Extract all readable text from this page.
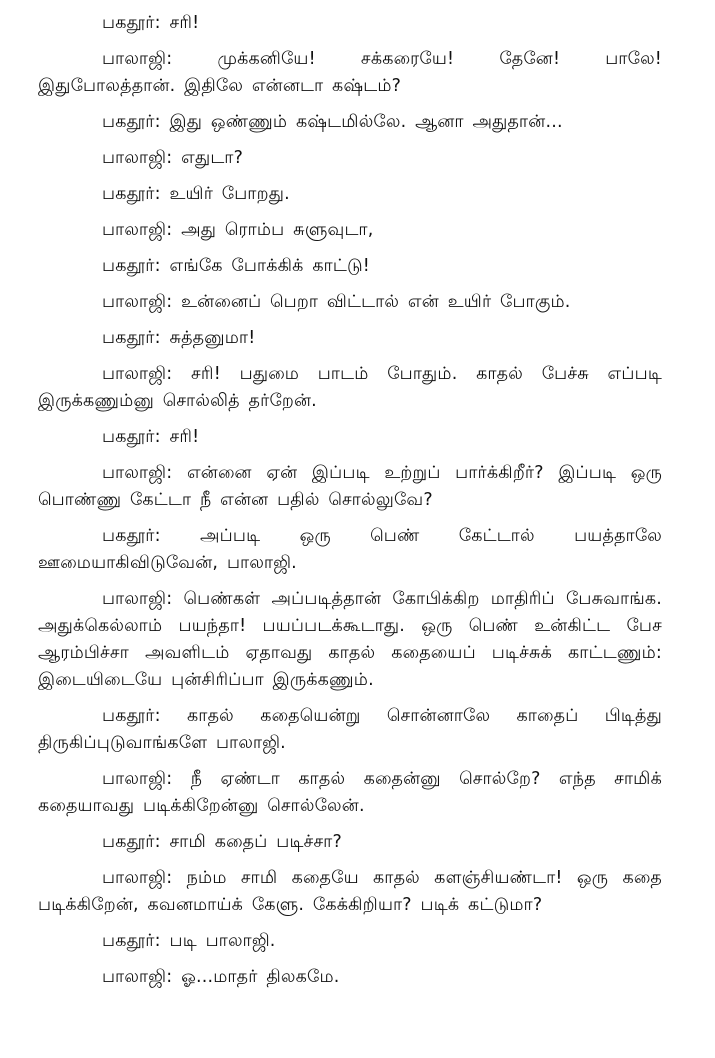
பகதூர்: சரி!

பாலாஜி:	முக்கனியே! சக்கரையே! தேனே! பாலே! இதுபோலத்தான். இதிலே என்னடா கஷ்டம்?

பகதூர்: இது ஒண்ணும் கஷ்டமில்லே. ஆனா அதுதான்...

பாலாஜி: எதுடா?

பகதூர்: உயிர் போறது.

பாலாஜி: அது ரொம்ப சுளுவுடா,

பகதூர்: எங்கே போக்கிக் காட்டு!

பாலாஜி: உன்னைப் பெறா விட்டால் என் உயிர் போகும்.

பகதூர்: சுத்தனுமா!

பாலாஜி: சரி! பதுமை பாடம் போதும். காதல் பேச்சு எப்படி இருக்கணும்னு சொல்லித் தர்றேன்.

பகதூர்: சரி!

பாலாஜி: என்னை ஏன் இப்படி உற்றுப் பார்க்கிறீர்? இப்படி ஒரு பொண்ணு கேட்டா நீ என்ன பதில் சொல்லுவே?

பகதூர்: அப்படி ஒரு பெண் கேட்டால் பயத்தாலே ஊமையாகிவிடுவேன், பாலாஜி.

பாலாஜி: பெண்கள் அப்படித்தான் கோபிக்கிற மாதிரிப் பேசுவாங்க. அதுக்கெல்லாம் பயந்தா! பயப்படக்கூடாது. ஒரு பெண் உன்கிட்ட பேச ஆரம்பிச்சா அவளிடம் ஏதாவது காதல் கதையைப் படிச்சுக் காட்டணும்: இடையிடையே புன்சிரிப்பா இருக்கணும்.

பகதூர்: காதல் கதையென்று சொன்னாலே காதைப் பிடித்து திருகிப்புடுவாங்களே பாலாஜி.

பாலாஜி: நீ ஏண்டா காதல் கதைன்னு சொல்றே? எந்த சாமிக் கதையாவது படிக்கிறேன்னு சொல்லேன்.

பகதூர்: சாமி கதைப் படிச்சா?

பாலாஜி: நம்ம சாமி கதையே காதல் களஞ்சியண்டா! ஒரு கதை படிக்கிறேன், கவனமாய்க் கேளு. கேக்கிறியா? படிக் கட்டுமா?

பகதூர்: படி பாலாஜி.

பாலாஜி: ஓ...மாதர் திலகமே.
